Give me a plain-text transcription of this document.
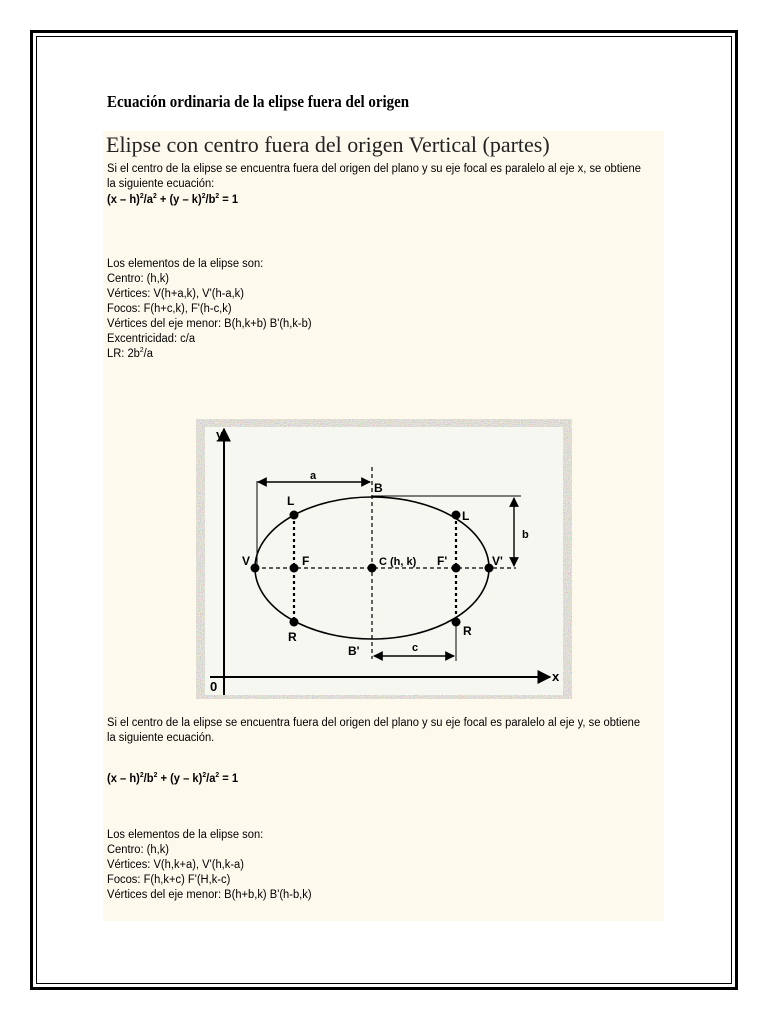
Ecuación ordinaria de la elipse fuera del origen
Elipse con centro fuera del origen Vertical (partes)
Si el centro de la elipse se encuentra fuera del origen del plano y su eje focal es paralelo al eje x, se obtiene la siguiente ecuación:
$(x - h)^2/a^2 + (y - k)^2/b^2 = 1$
Los elementos de la elipse son:
Centro: (h,k)
Vértices: V(h+a,k), V'(h-a,k)
Focos: F(h+c,k), F'(h-c,k)
Vértices del eje menor: B(h,k+b) B'(h,k-b)
Excentricidad: c/a
LR: $2b^2/a$
y
x
0
a
b
c
B
B'
L
L
R	R
V	V'
F	F'
C (h, k)
Si el centro de la elipse se encuentra fuera del origen del plano y su eje focal es paralelo al eje y, se obtiene la siguiente ecuación.
$(x - h)^2/b^2 + (y - k)^2/a^2 = 1$
Los elementos de la elipse son:
Centro: (h,k)
Vértices: V(h,k+a), V'(h,k-a)
Focos: F(h,k+c) F'(H,k-c)
Vértices del eje menor: B(h+b,k) B'(h-b,k)
